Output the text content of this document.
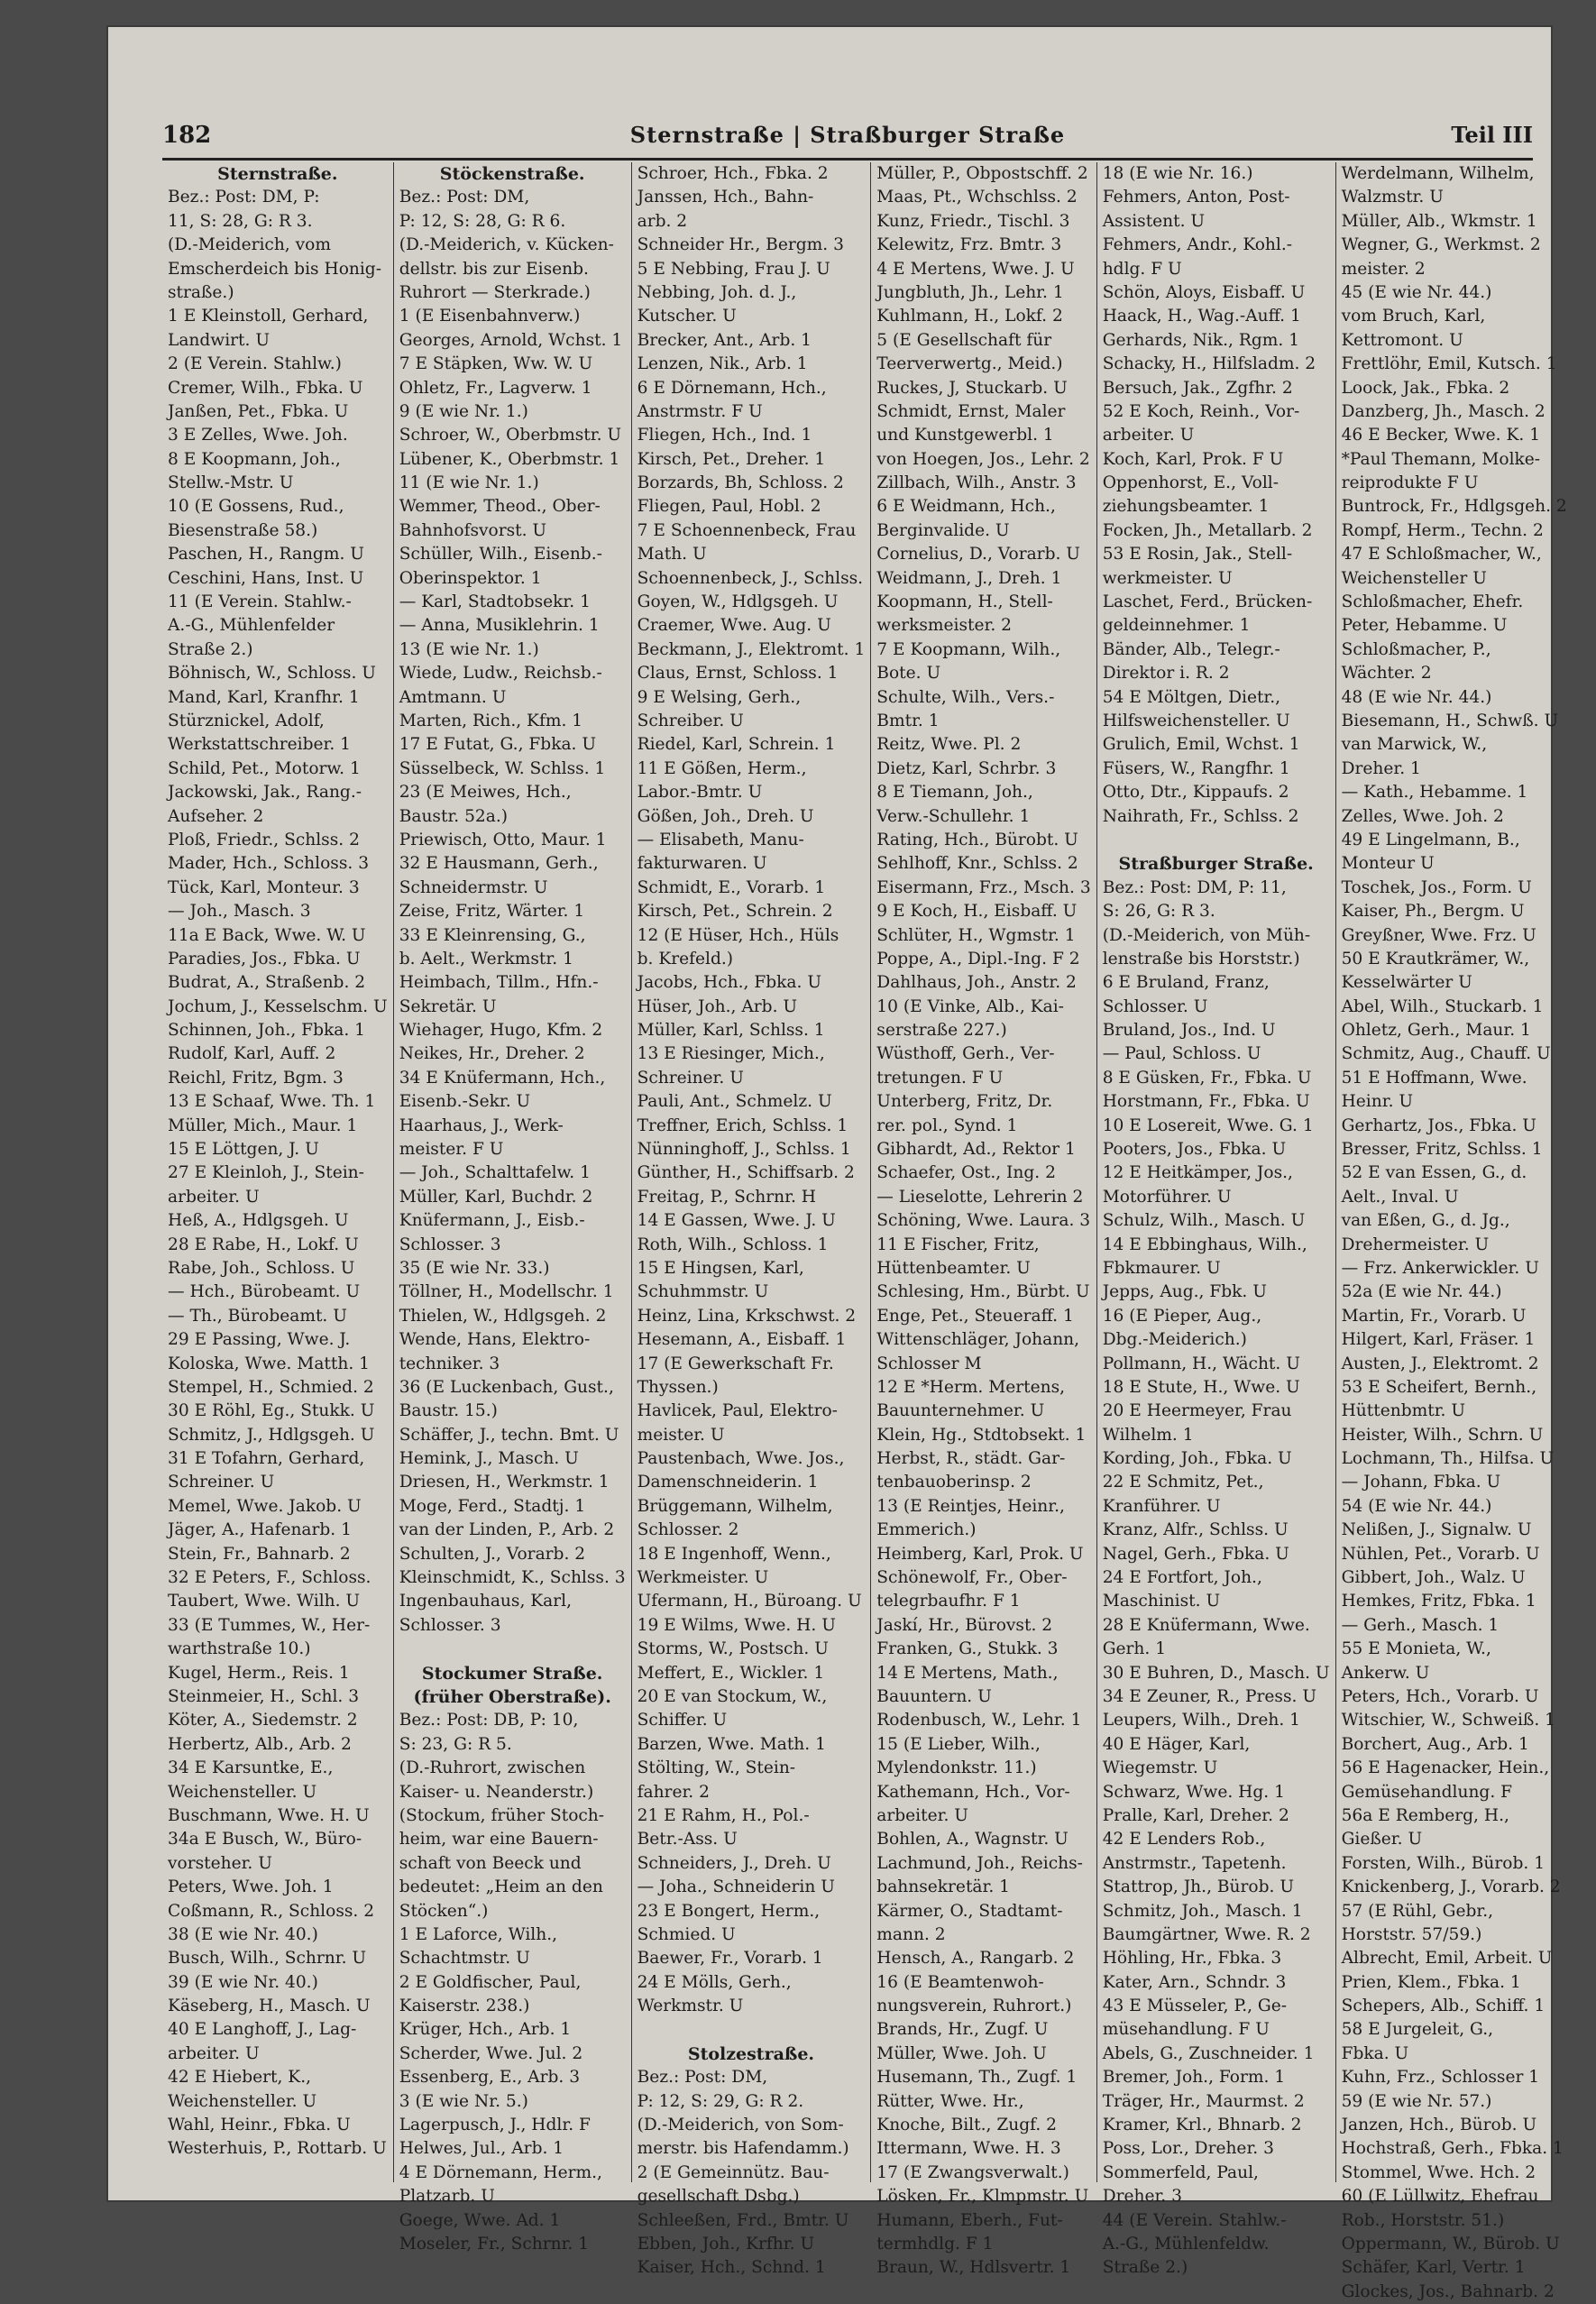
182	Sternstraße | Straßburger Straße	Teil III
Sternstraße.
Bez.: Post: DM, P:
11, S: 28, G: R 3.
(D.-Meiderich, vom
Emscherdeich bis Honig-
straße.)
1 E Kleinstoll, Gerhard,
Landwirt. U
2 (E Verein. Stahlw.)
Cremer, Wilh., Fbka. U
Janßen, Pet., Fbka. U
3 E Zelles, Wwe. Joh.
8 E Koopmann, Joh.,
Stellw.-Mstr. U
10 (E Gossens, Rud.,
Biesenstraße 58.)
Paschen, H., Rangm. U
Ceschini, Hans, Inst. U
11 (E Verein. Stahlw.-
A.-G., Mühlenfelder
Straße 2.)
Böhnisch, W., Schloss. U
Mand, Karl, Kranfhr. 1
Stürznickel, Adolf,
Werkstattschreiber. 1
Schild, Pet., Motorw. 1
Jackowski, Jak., Rang.-
Aufseher. 2
Ploß, Friedr., Schlss. 2
Mader, Hch., Schloss. 3
Tück, Karl, Monteur. 3
— Joh., Masch. 3
11a E Back, Wwe. W. U
Paradies, Jos., Fbka. U
Budrat, A., Straßenb. 2
Jochum, J., Kesselschm. U
Schinnen, Joh., Fbka. 1
Rudolf, Karl, Auff. 2
Reichl, Fritz, Bgm. 3
13 E Schaaf, Wwe. Th. 1
Müller, Mich., Maur. 1
15 E Löttgen, J. U
27 E Kleinloh, J., Stein-
arbeiter. U
Heß, A., Hdlgsgeh. U
28 E Rabe, H., Lokf. U
Rabe, Joh., Schloss. U
— Hch., Bürobeamt. U
— Th., Bürobeamt. U
29 E Passing, Wwe. J.
Koloska, Wwe. Matth. 1
Stempel, H., Schmied. 2
30 E Röhl, Eg., Stukk. U
Schmitz, J., Hdlgsgeh. U
31 E Tofahrn, Gerhard,
Schreiner. U
Memel, Wwe. Jakob. U
Jäger, A., Hafenarb. 1
Stein, Fr., Bahnarb. 2
32 E Peters, F., Schloss.
Taubert, Wwe. Wilh. U
33 (E Tummes, W., Her-
warthstraße 10.)
Kugel, Herm., Reis. 1
Steinmeier, H., Schl. 3
Köter, A., Siedemstr. 2
Herbertz, Alb., Arb. 2
34 E Karsuntke, E.,
Weichensteller. U
Buschmann, Wwe. H. U
34a E Busch, W., Büro-
vorsteher. U
Peters, Wwe. Joh. 1
Coßmann, R., Schloss. 2
38 (E wie Nr. 40.)
Busch, Wilh., Schrnr. U
39 (E wie Nr. 40.)
Käseberg, H., Masch. U
40 E Langhoff, J., Lag-
arbeiter. U
42 E Hiebert, K.,
Weichensteller. U
Wahl, Heinr., Fbka. U
Westerhuis, P., Rottarb. U
Stöckenstraße.
Bez.: Post: DM,
P: 12, S: 28, G: R 6.
(D.-Meiderich, v. Kücken-
dellstr. bis zur Eisenb.
Ruhrort — Sterkrade.)
1 (E Eisenbahnverw.)
Georges, Arnold, Wchst. 1
7 E Stäpken, Ww. W. U
Ohletz, Fr., Lagverw. 1
9 (E wie Nr. 1.)
Schroer, W., Oberbmstr. U
Lübener, K., Oberbmstr. 1
11 (E wie Nr. 1.)
Wemmer, Theod., Ober-
Bahnhofsvorst. U
Schüller, Wilh., Eisenb.-
Oberinspektor. 1
— Karl, Stadtobsekr. 1
— Anna, Musiklehrin. 1
13 (E wie Nr. 1.)
Wiede, Ludw., Reichsb.-
Amtmann. U
Marten, Rich., Kfm. 1
17 E Futat, G., Fbka. U
Süsselbeck, W. Schlss. 1
23 (E Meiwes, Hch.,
Baustr. 52a.)
Priewisch, Otto, Maur. 1
32 E Hausmann, Gerh.,
Schneidermstr. U
Zeise, Fritz, Wärter. 1
33 E Kleinrensing, G.,
b. Aelt., Werkmstr. 1
Heimbach, Tillm., Hfn.-
Sekretär. U
Wiehager, Hugo, Kfm. 2
Neikes, Hr., Dreher. 2
34 E Knüfermann, Hch.,
Eisenb.-Sekr. U
Haarhaus, J., Werk-
meister. F U
— Joh., Schalttafelw. 1
Müller, Karl, Buchdr. 2
Knüfermann, J., Eisb.-
Schlosser. 3
35 (E wie Nr. 33.)
Töllner, H., Modellschr. 1
Thielen, W., Hdlgsgeh. 2
Wende, Hans, Elektro-
techniker. 3
36 (E Luckenbach, Gust.,
Baustr. 15.)
Schäffer, J., techn. Bmt. U
Hemink, J., Masch. U
Driesen, H., Werkmstr. 1
Moge, Ferd., Stadtj. 1
van der Linden, P., Arb. 2
Schulten, J., Vorarb. 2
Kleinschmidt, K., Schlss. 3
Ingenbauhaus, Karl,
Schlosser. 3
Stockumer Straße.
(früher Oberstraße).
Bez.: Post: DB, P: 10,
S: 23, G: R 5.
(D.-Ruhrort, zwischen
Kaiser- u. Neanderstr.)
(Stockum, früher Stoch-
heim, war eine Bauern-
schaft von Beeck und
bedeutet: „Heim an den
Stöcken“.)
1 E Laforce, Wilh.,
Schachtmstr. U
2 E Goldfischer, Paul,
Kaiserstr. 238.)
Krüger, Hch., Arb. 1
Scherder, Wwe. Jul. 2
Essenberg, E., Arb. 3
3 (E wie Nr. 5.)
Lagerpusch, J., Hdlr. F
Helwes, Jul., Arb. 1
4 E Dörnemann, Herm.,
Platzarb. U
Goege, Wwe. Ad. 1
Moseler, Fr., Schrnr. 1
Schroer, Hch., Fbka. 2
Janssen, Hch., Bahn-
arb. 2
Schneider Hr., Bergm. 3
5 E Nebbing, Frau J. U
Nebbing, Joh. d. J.,
Kutscher. U
Brecker, Ant., Arb. 1
Lenzen, Nik., Arb. 1
6 E Dörnemann, Hch.,
Anstrmstr. F U
Fliegen, Hch., Ind. 1
Kirsch, Pet., Dreher. 1
Borzards, Bh, Schloss. 2
Fliegen, Paul, Hobl. 2
7 E Schoennenbeck, Frau
Math. U
Schoennenbeck, J., Schlss.
Goyen, W., Hdlgsgeh. U
Craemer, Wwe. Aug. U
Beckmann, J., Elektromt. 1
Claus, Ernst, Schloss. 1
9 E Welsing, Gerh.,
Schreiber. U
Riedel, Karl, Schrein. 1
11 E Gößen, Herm.,
Labor.-Bmtr. U
Gößen, Joh., Dreh. U
— Elisabeth, Manu-
fakturwaren. U
Schmidt, E., Vorarb. 1
Kirsch, Pet., Schrein. 2
12 (E Hüser, Hch., Hüls
b. Krefeld.)
Jacobs, Hch., Fbka. U
Hüser, Joh., Arb. U
Müller, Karl, Schlss. 1
13 E Riesinger, Mich.,
Schreiner. U
Pauli, Ant., Schmelz. U
Treffner, Erich, Schlss. 1
Nünninghoff, J., Schlss. 1
Günther, H., Schiffsarb. 2
Freitag, P., Schrnr. H
14 E Gassen, Wwe. J. U
Roth, Wilh., Schloss. 1
15 E Hingsen, Karl,
Schuhmmstr. U
Heinz, Lina, Krkschwst. 2
Hesemann, A., Eisbaff. 1
17 (E Gewerkschaft Fr.
Thyssen.)
Havlicek, Paul, Elektro-
meister. U
Paustenbach, Wwe. Jos.,
Damenschneiderin. 1
Brüggemann, Wilhelm,
Schlosser. 2
18 E Ingenhoff, Wenn.,
Werkmeister. U
Ufermann, H., Büroang. U
19 E Wilms, Wwe. H. U
Storms, W., Postsch. U
Meffert, E., Wickler. 1
20 E van Stockum, W.,
Schiffer. U
Barzen, Wwe. Math. 1
Stölting, W., Stein-
fahrer. 2
21 E Rahm, H., Pol.-
Betr.-Ass. U
Schneiders, J., Dreh. U
— Joha., Schneiderin U
23 E Bongert, Herm.,
Schmied. U
Baewer, Fr., Vorarb. 1
24 E Mölls, Gerh.,
Werkmstr. U
Stolzestraße.
Bez.: Post: DM,
P: 12, S: 29, G: R 2.
(D.-Meiderich, von Som-
merstr. bis Hafendamm.)
2 (E Gemeinnütz. Bau-
gesellschaft Dsbg.)
Schleeßen, Frd., Bmtr. U
Ebben, Joh., Krfhr. U
Kaiser, Hch., Schnd. 1
Müller, P., Obpostschff. 2
Maas, Pt., Wchschlss. 2
Kunz, Friedr., Tischl. 3
Kelewitz, Frz. Bmtr. 3
4 E Mertens, Wwe. J. U
Jungbluth, Jh., Lehr. 1
Kuhlmann, H., Lokf. 2
5 (E Gesellschaft für
Teerverwertg., Meid.)
Ruckes, J, Stuckarb. U
Schmidt, Ernst, Maler
und Kunstgewerbl. 1
von Hoegen, Jos., Lehr. 2
Zillbach, Wilh., Anstr. 3
6 E Weidmann, Hch.,
Berginvalide. U
Cornelius, D., Vorarb. U
Weidmann, J., Dreh. 1
Koopmann, H., Stell-
werksmeister. 2
7 E Koopmann, Wilh.,
Bote. U
Schulte, Wilh., Vers.-
Bmtr. 1
Reitz, Wwe. Pl. 2
Dietz, Karl, Schrbr. 3
8 E Tiemann, Joh.,
Verw.-Schullehr. 1
Rating, Hch., Bürobt. U
Sehlhoff, Knr., Schlss. 2
Eisermann, Frz., Msch. 3
9 E Koch, H., Eisbaff. U
Schlüter, H., Wgmstr. 1
Poppe, A., Dipl.-Ing. F 2
Dahlhaus, Joh., Anstr. 2
10 (E Vinke, Alb., Kai-
serstraße 227.)
Wüsthoff, Gerh., Ver-
tretungen. F U
Unterberg, Fritz, Dr.
rer. pol., Synd. 1
Gibhardt, Ad., Rektor 1
Schaefer, Ost., Ing. 2
— Lieselotte, Lehrerin 2
Schöning, Wwe. Laura. 3
11 E Fischer, Fritz,
Hüttenbeamter. U
Schlesing, Hm., Bürbt. U
Enge, Pet., Steueraff. 1
Wittenschläger, Johann,
Schlosser M
12 E *Herm. Mertens,
Bauunternehmer. U
Klein, Hg., Stdtobsekt. 1
Herbst, R., städt. Gar-
tenbauoberinsp. 2
13 (E Reintjes, Heinr.,
Emmerich.)
Heimberg, Karl, Prok. U
Schönewolf, Fr., Ober-
telegrbaufhr. F 1
Jaskí, Hr., Bürovst. 2
Franken, G., Stukk. 3
14 E Mertens, Math.,
Bauuntern. U
Rodenbusch, W., Lehr. 1
15 (E Lieber, Wilh.,
Mylendonkstr. 11.)
Kathemann, Hch., Vor-
arbeiter. U
Bohlen, A., Wagnstr. U
Lachmund, Joh., Reichs-
bahnsekretär. 1
Kärmer, O., Stadtamt-
mann. 2
Hensch, A., Rangarb. 2
16 (E Beamtenwoh-
nungsverein, Ruhrort.)
Brands, Hr., Zugf. U
Müller, Wwe. Joh. U
Husemann, Th., Zugf. 1
Rütter, Wwe. Hr.,
Knoche, Bilt., Zugf. 2
Ittermann, Wwe. H. 3
17 (E Zwangsverwalt.)
Lösken, Fr., Klmpmstr. U
Humann, Eberh., Fut-
termhdlg. F 1
Braun, W., Hdlsvertr. 1
18 (E wie Nr. 16.)
Fehmers, Anton, Post-
Assistent. U
Fehmers, Andr., Kohl.-
hdlg. F U
Schön, Aloys, Eisbaff. U
Haack, H., Wag.-Auff. 1
Gerhards, Nik., Rgm. 1
Schacky, H., Hilfsladm. 2
Bersuch, Jak., Zgfhr. 2
52 E Koch, Reinh., Vor-
arbeiter. U
Koch, Karl, Prok. F U
Oppenhorst, E., Voll-
ziehungsbeamter. 1
Focken, Jh., Metallarb. 2
53 E Rosin, Jak., Stell-
werkmeister. U
Laschet, Ferd., Brücken-
geldeinnehmer. 1
Bänder, Alb., Telegr.-
Direktor i. R. 2
54 E Möltgen, Dietr.,
Hilfsweichensteller. U
Grulich, Emil, Wchst. 1
Füsers, W., Rangfhr. 1
Otto, Dtr., Kippaufs. 2
Naihrath, Fr., Schlss. 2
Straßburger Straße.
Bez.: Post: DM, P: 11,
S: 26, G: R 3.
(D.-Meiderich, von Müh-
lenstraße bis Horststr.)
6 E Bruland, Franz,
Schlosser. U
Bruland, Jos., Ind. U
— Paul, Schloss. U
8 E Güsken, Fr., Fbka. U
Horstmann, Fr., Fbka. U
10 E Losereit, Wwe. G. 1
Pooters, Jos., Fbka. U
12 E Heitkämper, Jos.,
Motorführer. U
Schulz, Wilh., Masch. U
14 E Ebbinghaus, Wilh.,
Fbkmaurer. U
Jepps, Aug., Fbk. U
16 (E Pieper, Aug.,
Dbg.-Meiderich.)
Pollmann, H., Wächt. U
18 E Stute, H., Wwe. U
20 E Heermeyer, Frau
Wilhelm. 1
Kording, Joh., Fbka. U
22 E Schmitz, Pet.,
Kranführer. U
Kranz, Alfr., Schlss. U
Nagel, Gerh., Fbka. U
24 E Fortfort, Joh.,
Maschinist. U
28 E Knüfermann, Wwe.
Gerh. 1
30 E Buhren, D., Masch. U
34 E Zeuner, R., Press. U
Leupers, Wilh., Dreh. 1
40 E Häger, Karl,
Wiegemstr. U
Schwarz, Wwe. Hg. 1
Pralle, Karl, Dreher. 2
42 E Lenders Rob.,
Anstrmstr., Tapetenh.
Stattrop, Jh., Bürob. U
Schmitz, Joh., Masch. 1
Baumgärtner, Wwe. R. 2
Höhling, Hr., Fbka. 3
Kater, Arn., Schndr. 3
43 E Müsseler, P., Ge-
müsehandlung. F U
Abels, G., Zuschneider. 1
Bremer, Joh., Form. 1
Träger, Hr., Maurmst. 2
Kramer, Krl., Bhnarb. 2
Poss, Lor., Dreher. 3
Sommerfeld, Paul,
Dreher. 3
44 (E Verein. Stahlw.-
A.-G., Mühlenfeldw.
Straße 2.)
Werdelmann, Wilhelm,
Walzmstr. U
Müller, Alb., Wkmstr. 1
Wegner, G., Werkmst. 2
meister. 2
45 (E wie Nr. 44.)
vom Bruch, Karl,
Kettromont. U
Frettlöhr, Emil, Kutsch. 1
Loock, Jak., Fbka. 2
Danzberg, Jh., Masch. 2
46 E Becker, Wwe. K. 1
*Paul Themann, Molke-
reiprodukte F U
Buntrock, Fr., Hdlgsgeh. 2
Rompf, Herm., Techn. 2
47 E Schloßmacher, W.,
Weichensteller U
Schloßmacher, Ehefr.
Peter, Hebamme. U
Schloßmacher, P.,
Wächter. 2
48 (E wie Nr. 44.)
Biesemann, H., Schwß. U
van Marwick, W.,
Dreher. 1
— Kath., Hebamme. 1
Zelles, Wwe. Joh. 2
49 E Lingelmann, B.,
Monteur U
Toschek, Jos., Form. U
Kaiser, Ph., Bergm. U
Greyßner, Wwe. Frz. U
50 E Krautkrämer, W.,
Kesselwärter U
Abel, Wilh., Stuckarb. 1
Ohletz, Gerh., Maur. 1
Schmitz, Aug., Chauff. U
51 E Hoffmann, Wwe.
Heinr. U
Gerhartz, Jos., Fbka. U
Bresser, Fritz, Schlss. 1
52 E van Essen, G., d.
Aelt., Inval. U
van Eßen, G., d. Jg.,
Drehermeister. U
— Frz. Ankerwickler. U
52a (E wie Nr. 44.)
Martin, Fr., Vorarb. U
Hilgert, Karl, Fräser. 1
Austen, J., Elektromt. 2
53 E Scheifert, Bernh.,
Hüttenbmtr. U
Heister, Wilh., Schrn. U
Lochmann, Th., Hilfsa. U
— Johann, Fbka. U
54 (E wie Nr. 44.)
Nelißen, J., Signalw. U
Nühlen, Pet., Vorarb. U
Gibbert, Joh., Walz. U
Hemkes, Fritz, Fbka. 1
— Gerh., Masch. 1
55 E Monieta, W.,
Ankerw. U
Peters, Hch., Vorarb. U
Witschier, W., Schweiß. 1
Borchert, Aug., Arb. 1
56 E Hagenacker, Hein.,
Gemüsehandlung. F
56a E Remberg, H.,
Gießer. U
Forsten, Wilh., Bürob. 1
Knickenberg, J., Vorarb. 2
57 (E Rühl, Gebr.,
Horststr. 57/59.)
Albrecht, Emil, Arbeit. U
Prien, Klem., Fbka. 1
Schepers, Alb., Schiff. 1
58 E Jurgeleit, G.,
Fbka. U
Kuhn, Frz., Schlosser 1
59 (E wie Nr. 57.)
Janzen, Hch., Bürob. U
Hochstraß, Gerh., Fbka. 1
Stommel, Wwe. Hch. 2
60 (E Lüllwitz, Ehefrau
Rob., Horststr. 51.)
Oppermann, W., Bürob. U
Schäfer, Karl, Vertr. 1
Glockes, Jos., Bahnarb. 2
